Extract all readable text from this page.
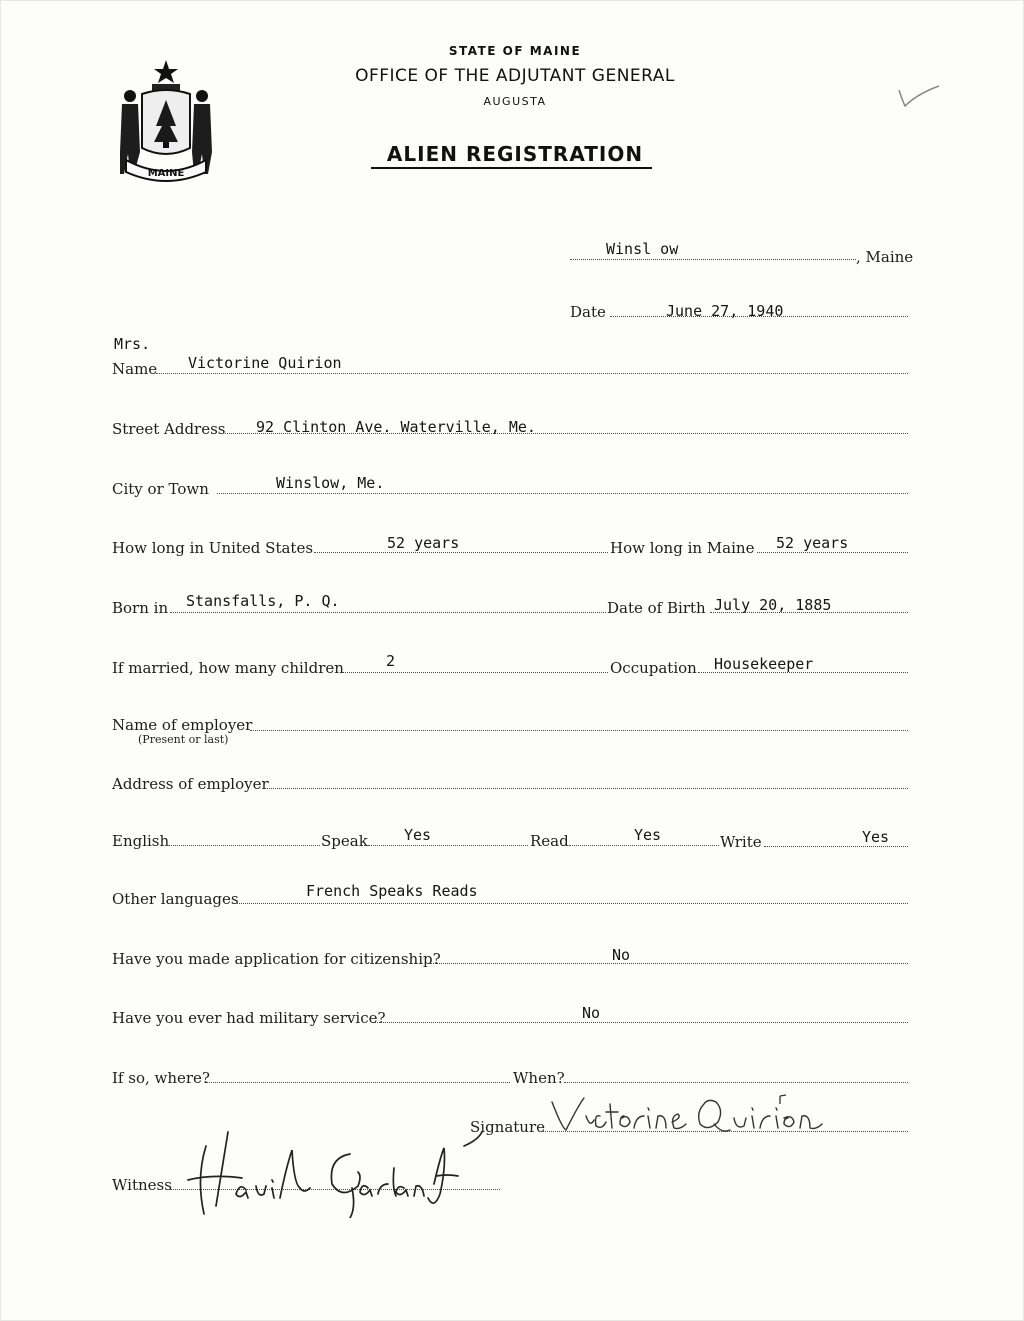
MAINE
STATE OF MAINE
OFFICE OF THE ADJUTANT GENERAL
AUGUSTA
ALIEN REGISTRATION
Winsl ow	, Maine
Date	June 27, 1940
Mrs.
Name Victorine Quirion
Street Address 92 Clinton Ave. Waterville, Me.
City or Town	Winslow, Me.
How long in United States	52 years	How long in Maine 52 years
Born in Stansfalls, P. Q.	Date of Birth July 20, 1885
If married, how many children	2	Occupation Housekeeper
Name of employer
(Present or last)
Address of employer
English	Speak Yes	Read	Yes	Write	Yes
Other languages	French Speaks Reads
Have you made application for citizenship?	No
Have you ever had military service?	No
If so, where?	When?
Signature
Witness
